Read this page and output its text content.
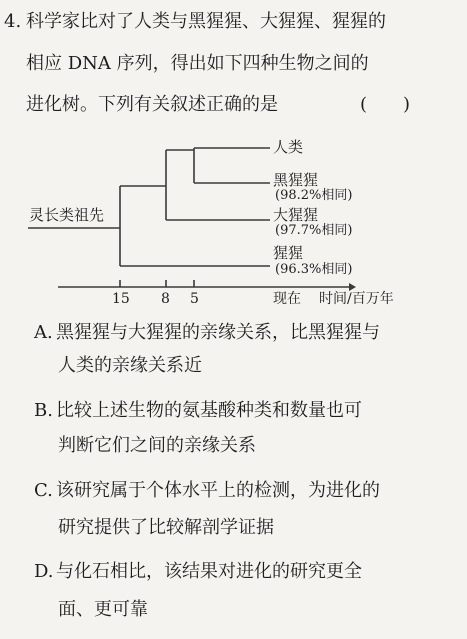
4. 科学家比对了人类与黑猩猩、大猩猩、猩猩的
相应 DNA 序列，得出如下四种生物之间的
进化树。下列有关叙述正确的是	(　　)
灵长类祖先
人类
黑猩猩
(98.2%相同)
大猩猩
(97.7%相同)
猩猩
(96.3%相同)
15 8 5	现在 时间/百万年
A. 黑猩猩与大猩猩的亲缘关系，比黑猩猩与
人类的亲缘关系近
B. 比较上述生物的氨基酸种类和数量也可
判断它们之间的亲缘关系
C. 该研究属于个体水平上的检测，为进化的
研究提供了比较解剖学证据
D. 与化石相比，该结果对进化的研究更全
面、更可靠
